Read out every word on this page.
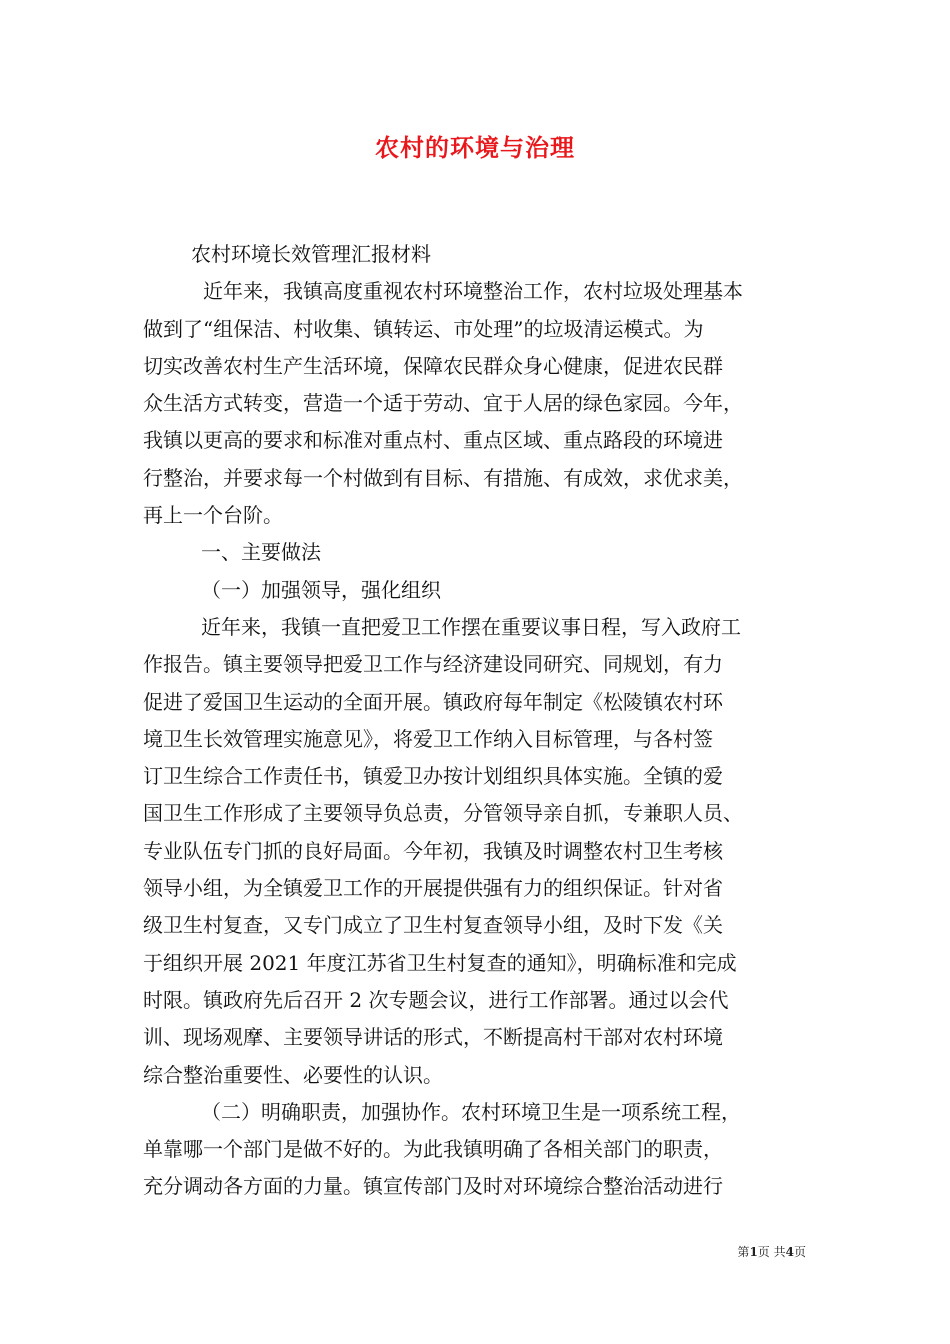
农村的环境与治理
农村环境长效管理汇报材料
近年来，我镇高度重视农村环境整治工作，农村垃圾处理基本
做到了“组保洁、村收集、镇转运、市处理”的垃圾清运模式。为
切实改善农村生产生活环境，保障农民群众身心健康，促进农民群
众生活方式转变，营造一个适于劳动、宜于人居的绿色家园。今年，
我镇以更高的要求和标准对重点村、重点区域、重点路段的环境进
行整治，并要求每一个村做到有目标、有措施、有成效，求优求美，
再上一个台阶。
一、主要做法
（一）加强领导，强化组织
近年来，我镇一直把爱卫工作摆在重要议事日程，写入政府工
作报告。镇主要领导把爱卫工作与经济建设同研究、同规划，有力
促进了爱国卫生运动的全面开展。镇政府每年制定《松陵镇农村环
境卫生长效管理实施意见》，将爱卫工作纳入目标管理，与各村签
订卫生综合工作责任书，镇爱卫办按计划组织具体实施。全镇的爱
国卫生工作形成了主要领导负总责，分管领导亲自抓，专兼职人员、
专业队伍专门抓的良好局面。今年初，我镇及时调整农村卫生考核
领导小组，为全镇爱卫工作的开展提供强有力的组织保证。针对省
级卫生村复查，又专门成立了卫生村复查领导小组，及时下发《关
于组织开展 2021 年度江苏省卫生村复查的通知》，明确标准和完成
时限。镇政府先后召开 2 次专题会议，进行工作部署。通过以会代
训、现场观摩、主要领导讲话的形式，不断提高村干部对农村环境
综合整治重要性、必要性的认识。
（二）明确职责，加强协作。农村环境卫生是一项系统工程，
单靠哪一个部门是做不好的。为此我镇明确了各相关部门的职责，
充分调动各方面的力量。镇宣传部门及时对环境综合整治活动进行
第1页 共4页
